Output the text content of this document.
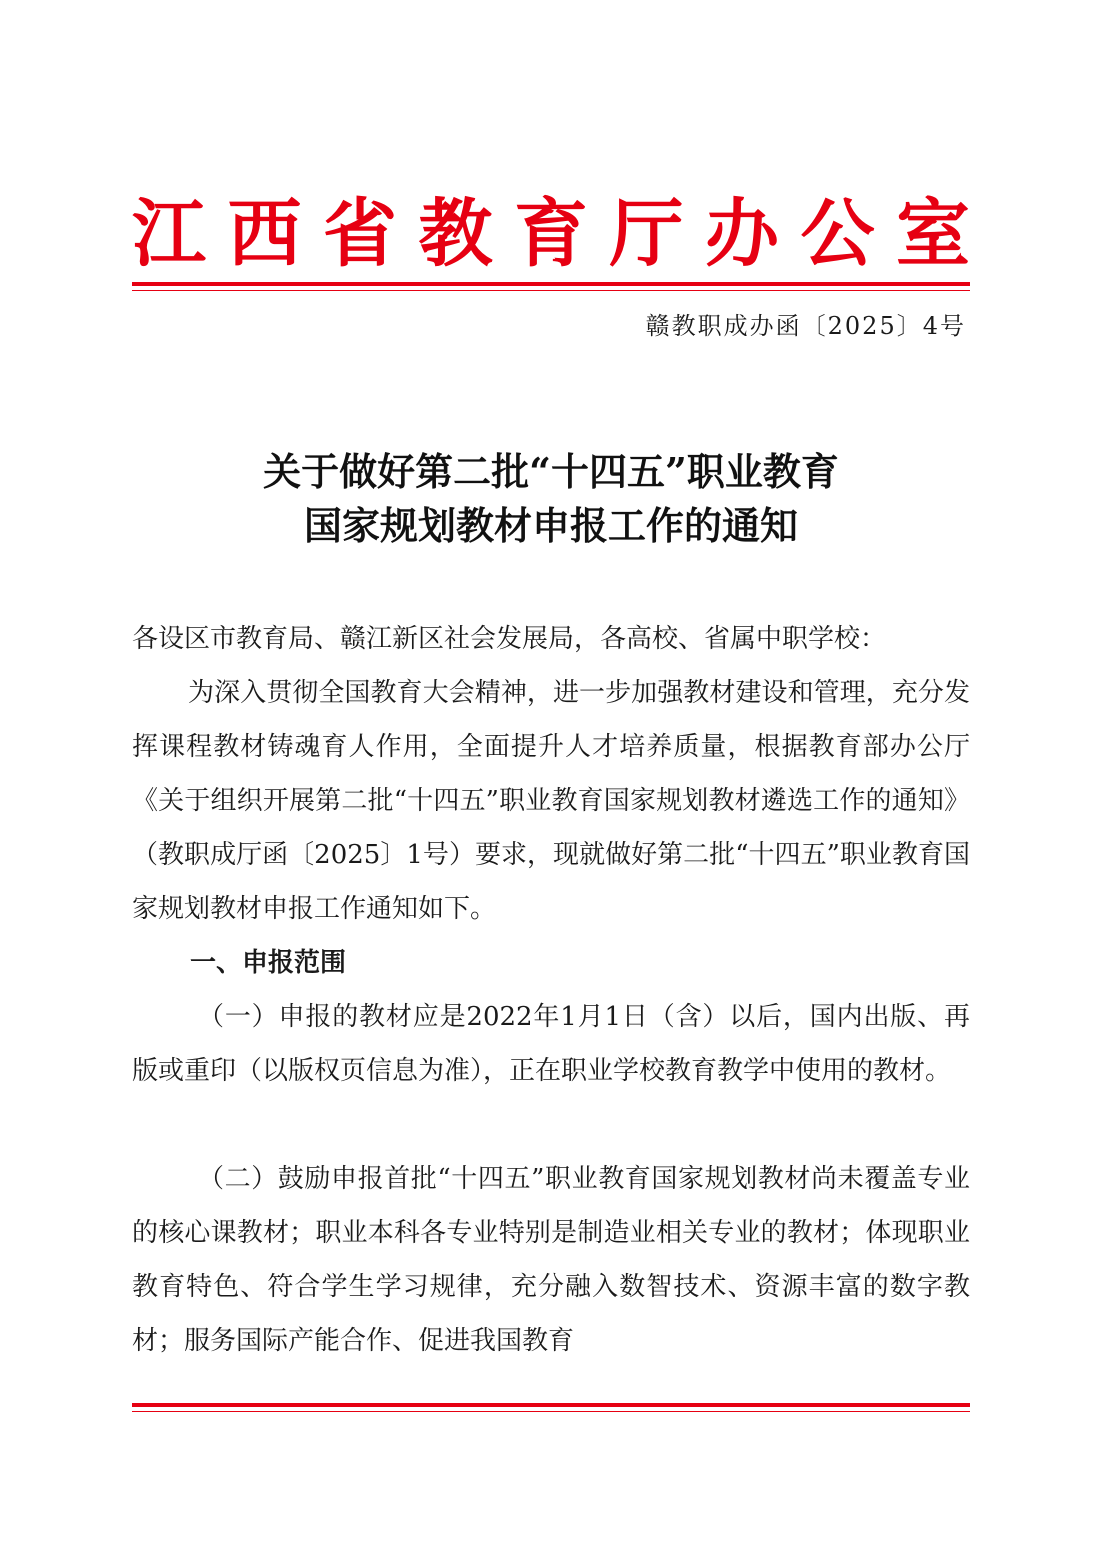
江西省教育厅办公室
赣教职成办函〔2025〕4号
关于做好第二批“十四五”职业教育
国家规划教材申报工作的通知
各设区市教育局、赣江新区社会发展局，各高校、省属中职学校：
为深入贯彻全国教育大会精神，进一步加强教材建设和管理，充分发挥课程教材铸魂育人作用，全面提升人才培养质量，根据教育部办公厅《关于组织开展第二批“十四五”职业教育国家规划教材遴选工作的通知》（教职成厅函〔2025〕1号）要求，现就做好第二批“十四五”职业教育国家规划教材申报工作通知如下。
一、申报范围
（一）申报的教材应是2022年1月1日（含）以后，国内出版、再版或重印（以版权页信息为准），正在职业学校教育教学中使用的教材。
（二）鼓励申报首批“十四五”职业教育国家规划教材尚未覆盖专业的核心课教材；职业本科各专业特别是制造业相关专业的教材；体现职业教育特色、符合学生学习规律，充分融入数智技术、资源丰富的数字教材；服务国际产能合作、促进我国教育
